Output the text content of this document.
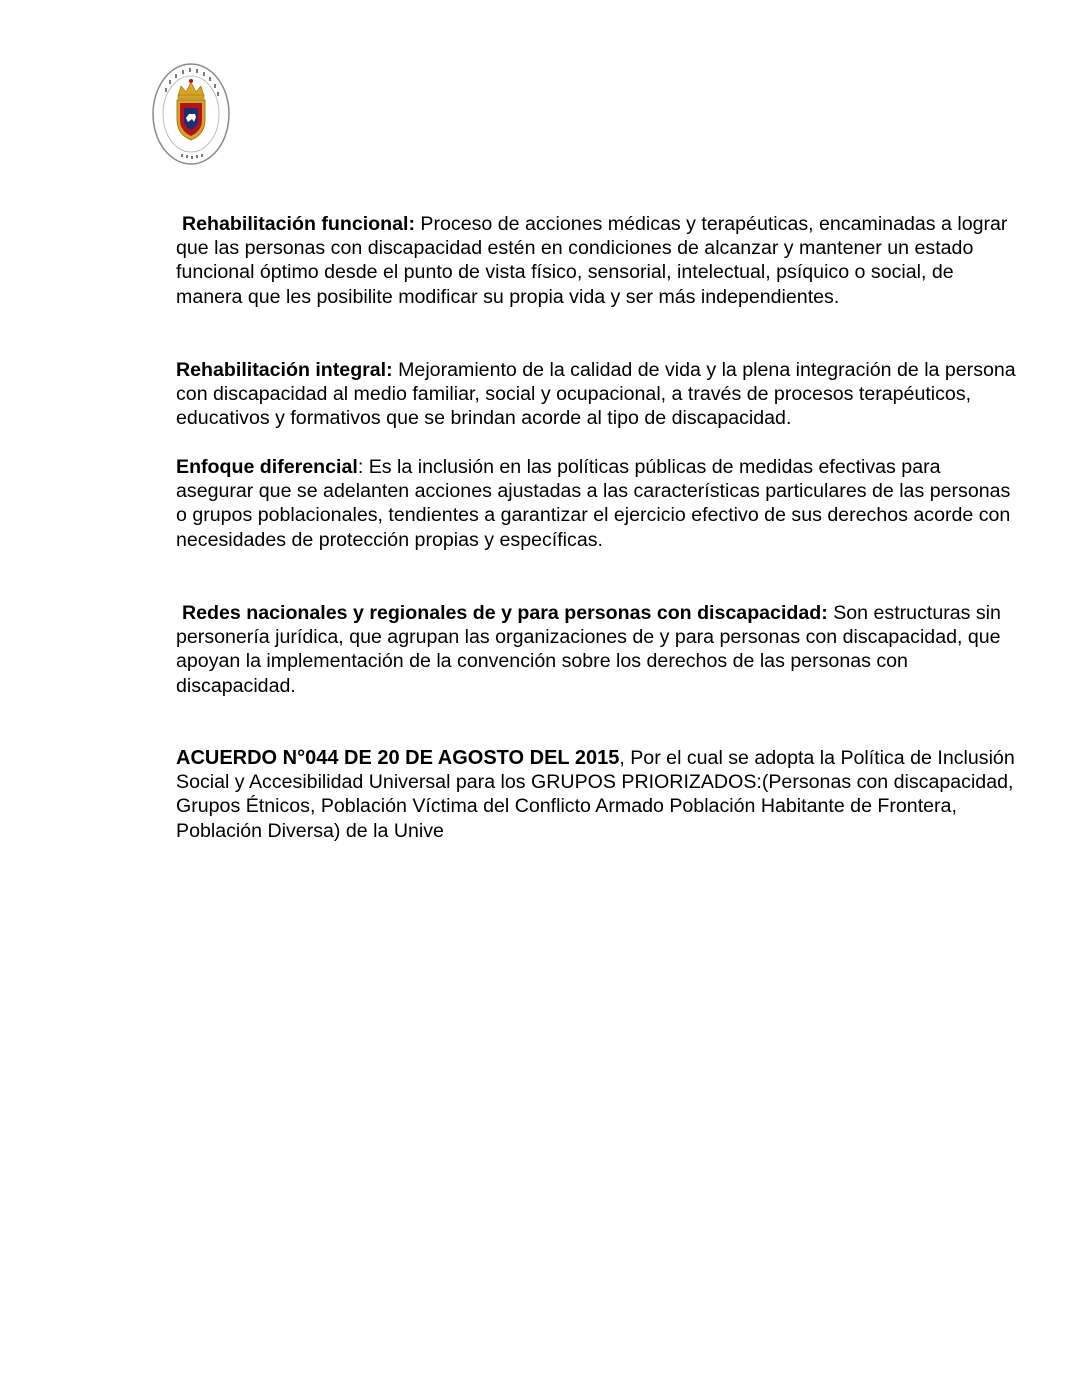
Rehabilitación funcional: Proceso de acciones médicas y terapéuticas, encaminadas a lograr que las personas con discapacidad estén en condiciones de alcanzar y mantener un estado funcional óptimo desde el punto de vista físico, sensorial, intelectual, psíquico o social, de manera que les posibilite modificar su propia vida y ser más independientes.

Rehabilitación integral: Mejoramiento de la calidad de vida y la plena integración de la persona con discapacidad al medio familiar, social y ocupacional, a través de procesos terapéuticos, educativos y formativos que se brindan acorde al tipo de discapacidad.

Enfoque diferencial: Es la inclusión en las políticas públicas de medidas efectivas para asegurar que se adelanten acciones ajustadas a las características particulares de las personas o grupos poblacionales, tendientes a garantizar el ejercicio efectivo de sus derechos acorde con necesidades de protección propias y específicas.

Redes nacionales y regionales de y para personas con discapacidad: Son estructuras sin personería jurídica, que agrupan las organizaciones de y para personas con discapacidad, que apoyan la implementación de la convención sobre los derechos de las personas con discapacidad.

ACUERDO N°044 DE 20 DE AGOSTO DEL 2015, Por el cual se adopta la Política de Inclusión Social y Accesibilidad Universal para los GRUPOS PRIORIZADOS:(Personas con discapacidad, Grupos Étnicos, Población Víctima del Conflicto Armado Población Habitante de Frontera, Población Diversa) de la Unive
